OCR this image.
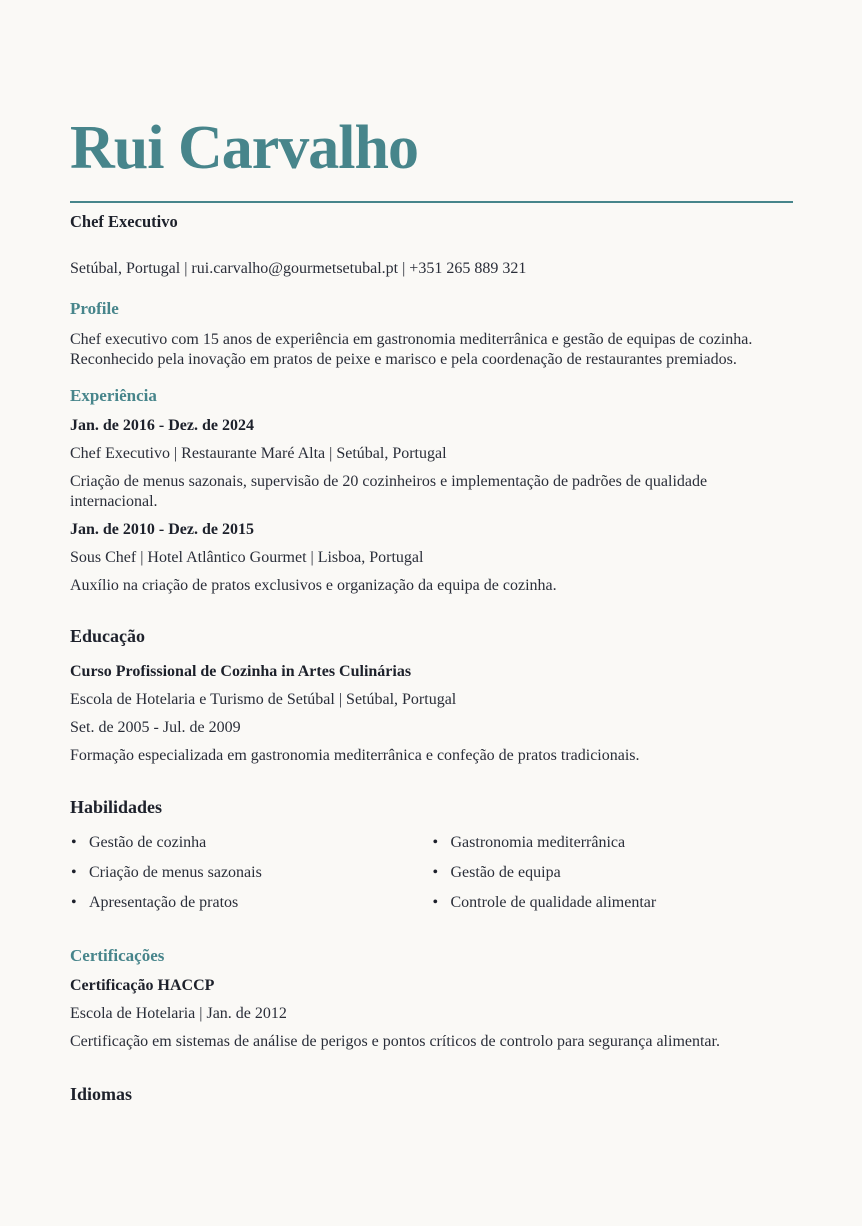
Rui Carvalho
Chef Executivo
Setúbal, Portugal | rui.carvalho@gourmetsetubal.pt | +351 265 889 321
Profile

Chef executivo com 15 anos de experiência em gastronomia mediterrânica e gestão de equipas de cozinha. Reconhecido pela inovação em pratos de peixe e marisco e pela coordenação de restaurantes premiados.

Experiência

Jan. de 2016 - Dez. de 2024

Chef Executivo | Restaurante Maré Alta | Setúbal, Portugal

Criação de menus sazonais, supervisão de 20 cozinheiros e implementação de padrões de qualidade internacional.

Jan. de 2010 - Dez. de 2015

Sous Chef | Hotel Atlântico Gourmet | Lisboa, Portugal

Auxílio na criação de pratos exclusivos e organização da equipa de cozinha.

Educação

Curso Profissional de Cozinha in Artes Culinárias

Escola de Hotelaria e Turismo de Setúbal | Setúbal, Portugal

Set. de 2005 - Jul. de 2009

Formação especializada em gastronomia mediterrânica e confeção de pratos tradicionais.

Habilidades
• Gestão de cozinha
• Criação de menus sazonais
• Apresentação de pratos
• Gastronomia mediterrânica
• Gestão de equipa
• Controle de qualidade alimentar
Certificações

Certificação HACCP

Escola de Hotelaria | Jan. de 2012

Certificação em sistemas de análise de perigos e pontos críticos de controlo para segurança alimentar.

Idiomas
